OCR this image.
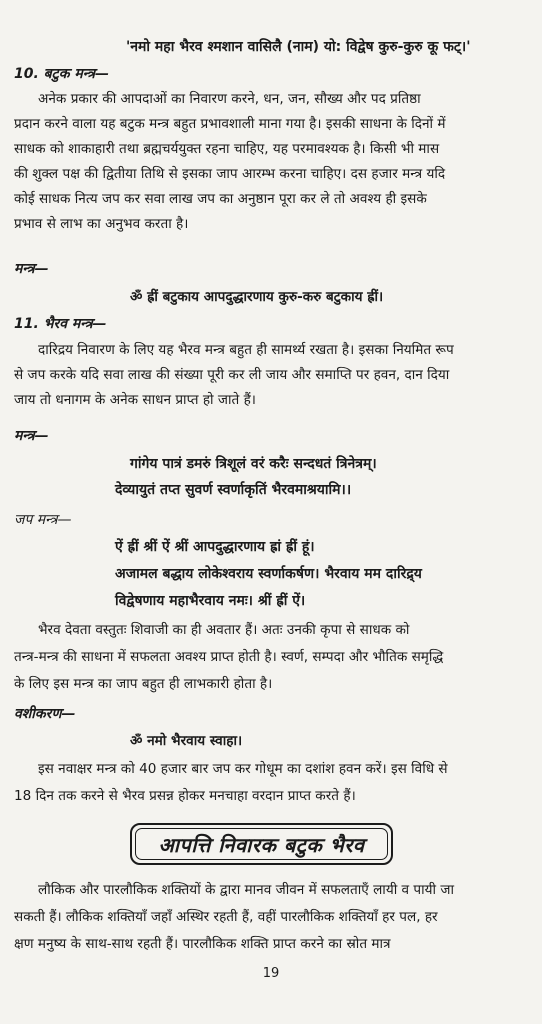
'नमो महा भैरव श्मशान वासिलै (नाम) यो: विद्वेष कुरु-कुरु कू फट्।'
10. बटुक मन्त्र—
अनेक प्रकार की आपदाओं का निवारण करने, धन, जन, सौख्य और पद प्रतिष्ठा
प्रदान करने वाला यह बटुक मन्त्र बहुत प्रभावशाली माना गया है। इसकी साधना के दिनों में
साधक को शाकाहारी तथा ब्रह्मचर्ययुक्त रहना चाहिए, यह परमावश्यक है। किसी भी मास
की शुक्ल पक्ष की द्वितीया तिथि से इसका जाप आरम्भ करना चाहिए। दस हजार मन्त्र यदि
कोई साधक नित्य जप कर सवा लाख जप का अनुष्ठान पूरा कर ले तो अवश्य ही इसके
प्रभाव से लाभ का अनुभव करता है।
मन्त्र—
ॐ ह्रीं बटुकाय आपदुद्धारणाय कुरु-करु बटुकाय ह्रीं।
11. भैरव मन्त्र—
दारिद्रय निवारण के लिए यह भैरव मन्त्र बहुत ही सामर्थ्य रखता है। इसका नियमित रूप
से जप करके यदि सवा लाख की संख्या पूरी कर ली जाय और समाप्ति पर हवन, दान दिया
जाय तो धनागम के अनेक साधन प्राप्त हो जाते हैं।
मन्त्र—
गांगेय पात्रं डमरुं त्रिशूलं वरं करैः सन्दधतं त्रिनेत्रम्।
देव्यायुतं तप्त सुवर्ण स्वर्णाकृतिं भैरवमाश्रयामि।।
जप मन्त्र—
ऐं ह्रीं श्रीं ऐं श्रीं आपदुद्धारणाय ह्रां ह्रीं हूं।
अजामल बद्धाय लोकेश्वराय स्वर्णाकर्षण। भैरवाय मम दारिद्र्य
विद्वेषणाय महाभैरवाय नमः। श्रीं ह्रीं ऐं।
भैरव देवता वस्तुतः शिवाजी का ही अवतार हैं। अतः उनकी कृपा से साधक को
तन्त्र-मन्त्र की साधना में सफलता अवश्य प्राप्त होती है। स्वर्ण, सम्पदा और भौतिक समृद्धि
के लिए इस मन्त्र का जाप बहुत ही लाभकारी होता है।
वशीकरण—
ॐ नमो भैरवाय स्वाहा।
इस नवाक्षर मन्त्र को 40 हजार बार जप कर गोधूम का दशांश हवन करें। इस विधि से
18 दिन तक करने से भैरव प्रसन्न होकर मनचाहा वरदान प्राप्त करते हैं।
आपत्ति निवारक बटुक भैरव
लौकिक और पारलौकिक शक्तियों के द्वारा मानव जीवन में सफलताएँ लायी व पायी जा
सकती हैं। लौकिक शक्तियाँ जहाँ अस्थिर रहती हैं, वहीं पारलौकिक शक्तियाँ हर पल, हर
क्षण मनुष्य के साथ-साथ रहती हैं। पारलौकिक शक्ति प्राप्त करने का स्रोत मात्र
19
